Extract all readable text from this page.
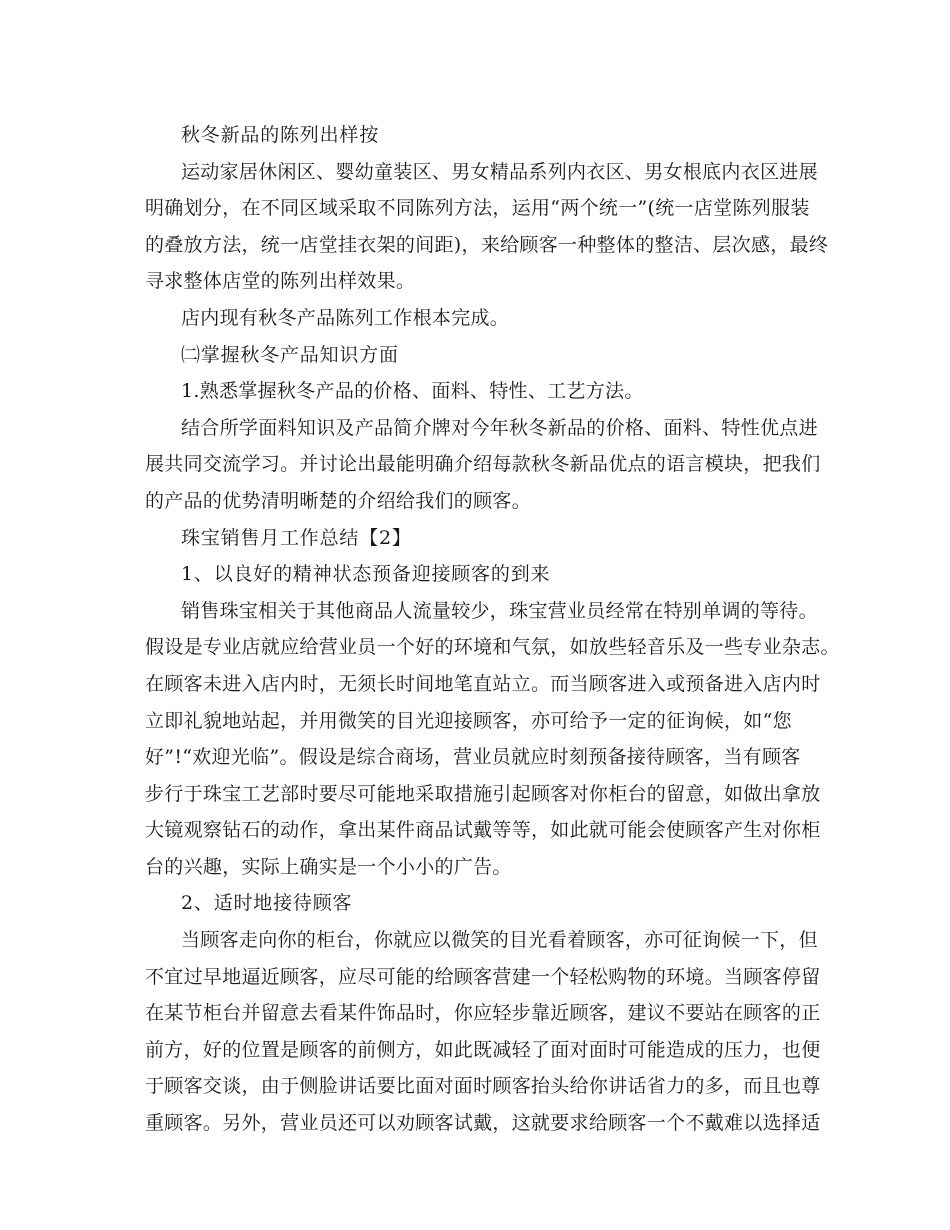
秋冬新品的陈列出样按
运动家居休闲区、婴幼童装区、男女精品系列内衣区、男女根底内衣区进展
明确划分，在不同区域采取不同陈列方法，运用“两个统一”(统一店堂陈列服装
的叠放方法，统一店堂挂衣架的间距)，来给顾客一种整体的整洁、层次感，最终
寻求整体店堂的陈列出样效果。
店内现有秋冬产品陈列工作根本完成。
㈡掌握秋冬产品知识方面
1.熟悉掌握秋冬产品的价格、面料、特性、工艺方法。
结合所学面料知识及产品简介牌对今年秋冬新品的价格、面料、特性优点进
展共同交流学习。并讨论出最能明确介绍每款秋冬新品优点的语言模块，把我们
的产品的优势清明晰楚的介绍给我们的顾客。
珠宝销售月工作总结【2】
1、以良好的精神状态预备迎接顾客的到来
销售珠宝相关于其他商品人流量较少，珠宝营业员经常在特别单调的等待。
假设是专业店就应给营业员一个好的环境和气氛，如放些轻音乐及一些专业杂志。
在顾客未进入店内时，无须长时间地笔直站立。而当顾客进入或预备进入店内时
立即礼貌地站起，并用微笑的目光迎接顾客，亦可给予一定的征询候，如“您
好”!“欢迎光临”。假设是综合商场，营业员就应时刻预备接待顾客，当有顾客
步行于珠宝工艺部时要尽可能地采取措施引起顾客对你柜台的留意，如做出拿放
大镜观察钻石的动作，拿出某件商品试戴等等，如此就可能会使顾客产生对你柜
台的兴趣，实际上确实是一个小小的广告。
2、适时地接待顾客
当顾客走向你的柜台，你就应以微笑的目光看着顾客，亦可征询候一下，但
不宜过早地逼近顾客，应尽可能的给顾客营建一个轻松购物的环境。当顾客停留
在某节柜台并留意去看某件饰品时，你应轻步靠近顾客，建议不要站在顾客的正
前方，好的位置是顾客的前侧方，如此既减轻了面对面时可能造成的压力，也便
于顾客交谈，由于侧脸讲话要比面对面时顾客抬头给你讲话省力的多，而且也尊
重顾客。另外，营业员还可以劝顾客试戴，这就要求给顾客一个不戴难以选择适
